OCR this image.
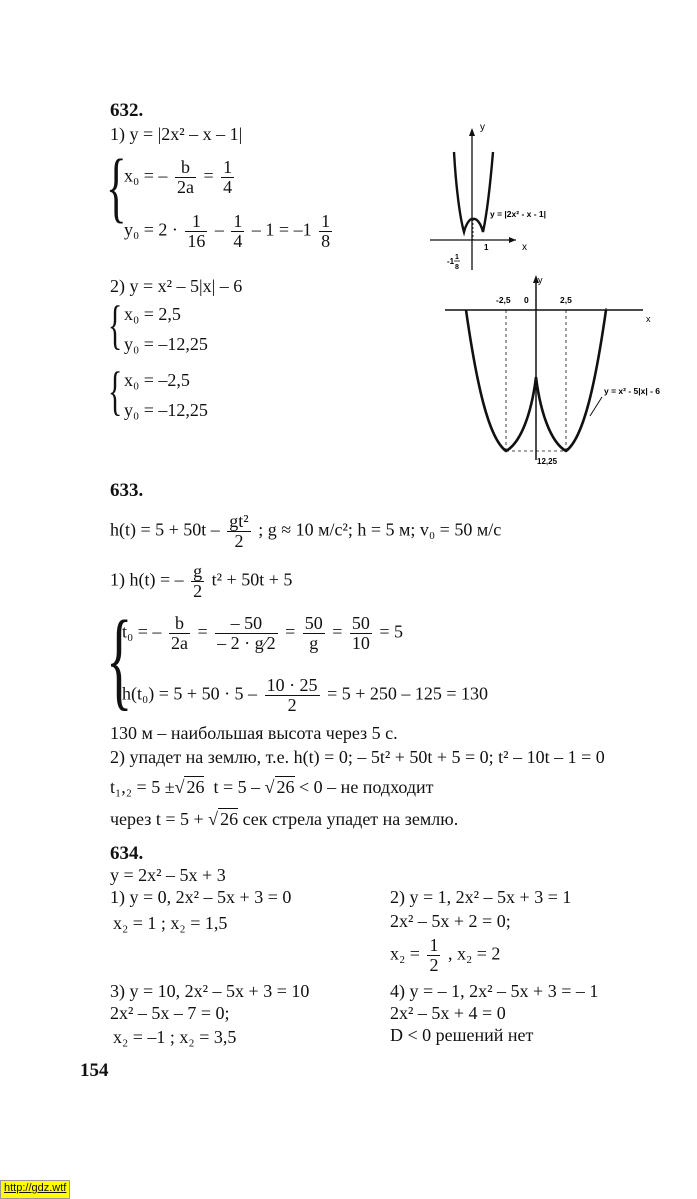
632.
1) y = |2x² – x – 1|
{
x₀ = – $\frac{b}{2a} = \frac{1}{4}$
$y_0 = 2 \cdot \frac{1}{16} - \frac{1}{4} - 1 = -1 \frac{1}{8}$
2) y = x² – 5|x| – 6
{ x₀ = 2,5
y₀ = –12,25
{ x₀ = –2,5
y₀ = –12,25
y
x
y = |2x² - x - 1|
1
-1 1
8
y
x
-2,5 0	2,5
y = x² - 5|x| - 6
12,25
633.
$h(t) = 5 + 50t - \frac{\text{gt²}}{2}$ ; g ≈ 10 м/с²; h = 5 м; v₀ = 50 м/с
1) h(t) = – $\frac{g}{2} t^2 + 50t + 5$
{
t₀ = – $\frac{b}{2a} = \frac{- 50}{- 2 \cdot g⁄2} = \frac{50}{g} = \frac{50}{10} = 5$
$h(t_0) = 5 + 50 \cdot 5 - \frac{10 \cdot 25}{2} = 5 + 250 - 125 = 130$
130 м – наибольшая высота через 5 с.
2) упадет на землю, т.е. h(t) = 0; – 5t² + 50t + 5 = 0; t² – 10t – 1 = 0
t₁,₂ = 5 ±√ 26 t = 5 – √ 26 < 0 – не подходит
через t = 5 + √ 26 сек стрела упадет на землю.
634.
y = 2x² – 5x + 3
1) y = 0, 2x² – 5x + 3 = 0
x₂ = 1 ; x₂ = 1,5
2) y = 1, 2x² – 5x + 3 = 1
2x² – 5x + 2 = 0;
$x_2 = \frac{1}{2}$ , x₂ = 2
3) y = 10, 2x² – 5x + 3 = 10
2x² – 5x – 7 = 0;
x₂ = –1 ; x₂ = 3,5
4) y = – 1, 2x² – 5x + 3 = – 1
2x² – 5x + 4 = 0
D < 0 решений нет
154
http://gdz.wtf
